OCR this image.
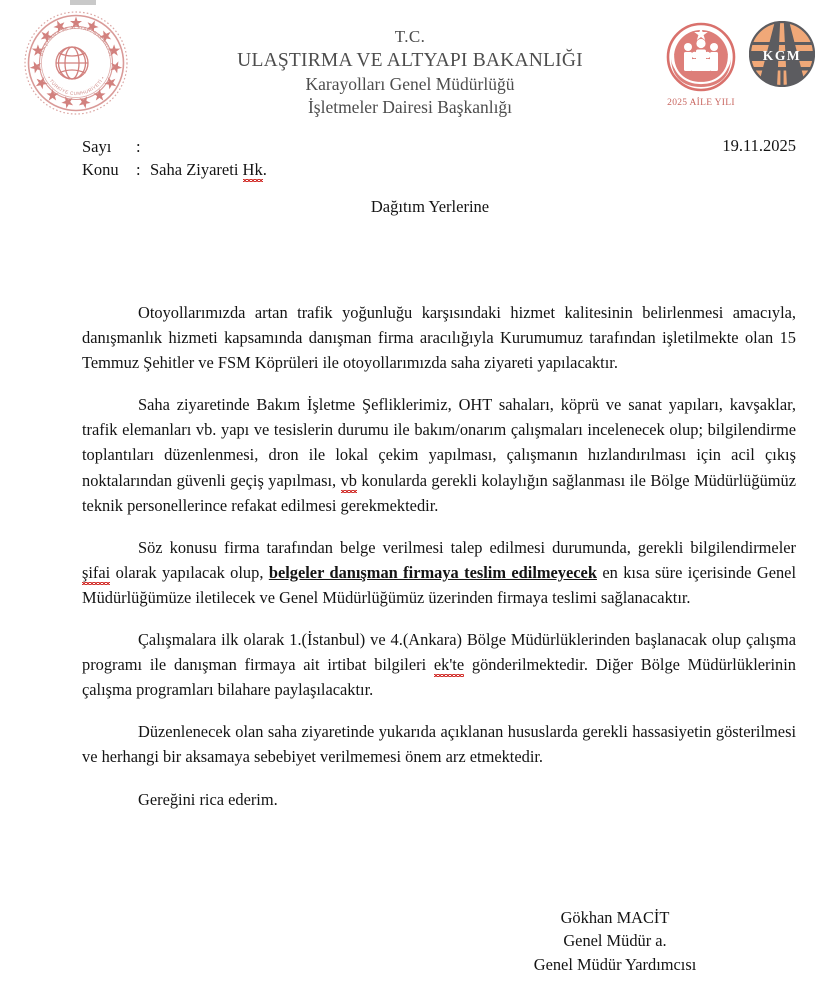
ULAŞTIRMA VE ALTYAPI BAKANLIĞI
• TÜRKİYE CUMHURİYETİ •
T.C.
ULAŞTIRMA VE ALTYAPI BAKANLIĞI
Karayolları Genel Müdürlüğü
İşletmeler Dairesi Başkanlığı	2025 AİLE YILI
KGM
Sayı	:
Konu	: Saha Ziyareti Hk.
19.11.2025
Dağıtım Yerlerine

Otoyollarımızda artan trafik yoğunluğu karşısındaki hizmet kalitesinin belirlenmesi amacıyla, danışmanlık hizmeti kapsamında danışman firma aracılığıyla Kurumumuz tarafından işletilmekte olan 15 Temmuz Şehitler ve FSM Köprüleri ile otoyollarımızda saha ziyareti yapılacaktır.

Saha ziyaretinde Bakım İşletme Şefliklerimiz, OHT sahaları, köprü ve sanat yapıları, kavşaklar, trafik elemanları vb. yapı ve tesislerin durumu ile bakım/onarım çalışmaları incelenecek olup; bilgilendirme toplantıları düzenlenmesi, dron ile lokal çekim yapılması, çalışmanın hızlandırılması için acil çıkış noktalarından güvenli geçiş yapılması, vb konularda gerekli kolaylığın sağlanması ile Bölge Müdürlüğümüz teknik personellerince refakat edilmesi gerekmektedir.

Söz konusu firma tarafından belge verilmesi talep edilmesi durumunda, gerekli bilgilendirmeler şifai olarak yapılacak olup, belgeler danışman firmaya teslim edilmeyecek en kısa süre içerisinde Genel Müdürlüğümüze iletilecek ve Genel Müdürlüğümüz üzerinden firmaya teslimi sağlanacaktır.

Çalışmalara ilk olarak 1.(İstanbul) ve 4.(Ankara) Bölge Müdürlüklerinden başlanacak olup çalışma programı ile danışman firmaya ait irtibat bilgileri ek'te gönderilmektedir. Diğer Bölge Müdürlüklerinin çalışma programları bilahare paylaşılacaktır.

Düzenlenecek olan saha ziyaretinde yukarıda açıklanan hususlarda gerekli hassasiyetin gösterilmesi ve herhangi bir aksamaya sebebiyet verilmemesi önem arz etmektedir.

Gereğini rica ederim.

Gökhan MACİT
Genel Müdür a.
Genel Müdür Yardımcısı
